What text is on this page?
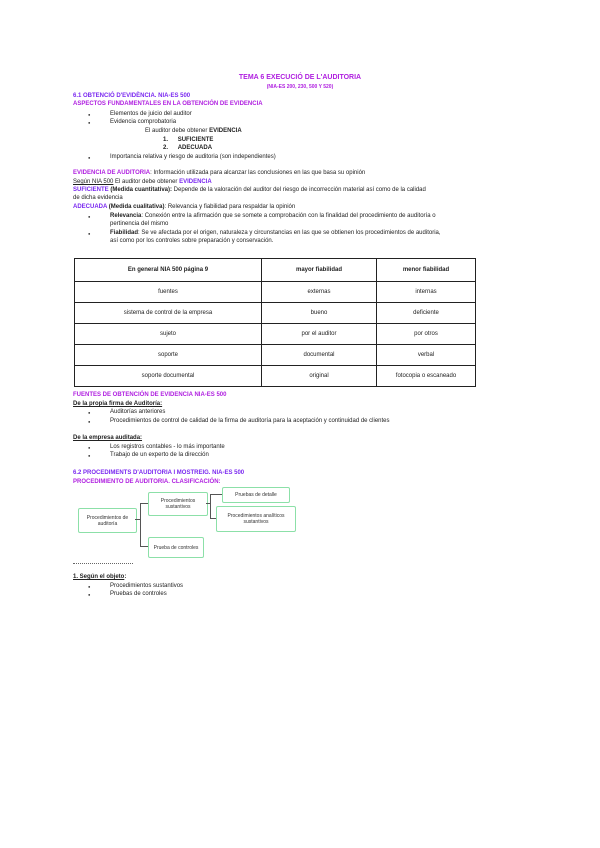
TEMA 6 EXECUCIÓ DE L'AUDITORIA
(NIA-ES 200, 230, 500 Y 520)
6.1 OBTENCIÓ D'EVIDÈNCIA. NIA-ES 500
ASPECTOS FUNDAMENTALES EN LA OBTENCIÓN DE EVIDENCIA
● Elementos de juicio del auditor
● Evidencia comprobatoria
El auditor debe obtener EVIDENCIA
1. SUFICIENTE
2. ADECUADA
● Importancia relativa y riesgo de auditoria (son independientes)
EVIDENCIA DE AUDITORIA: Información utilizada para alcanzar las conclusiones en las que basa su opinión
Según NIA 500 El auditor debe obtener EVIDENCIA
SUFICIENTE (Medida cuantitativa): Depende de la valoración del auditor del riesgo de incorrección material así como de la calidad
de dicha evidencia
ADECUADA (Medida cualitativa): Relevancia y fiabilidad para respaldar la opinión
● Relevancia: Conexión entre la afirmación que se somete a comprobación con la finalidad del procedimiento de auditoría o
pertinencia del mismo
● Fiabilidad: Se ve afectada por el origen, naturaleza y circunstancias en las que se obtienen los procedimientos de auditoria,
así como por los controles sobre preparación y conservación.
En general NIA 500 página 9	mayor fiabilidad	menor fiabilidad
fuentes	externas	internas
sistema de control de la empresa	bueno	deficiente
sujeto	por el auditor	por otros
soporte	documental	verbal
soporte documental	original	fotocopia o escaneado
FUENTES DE OBTENCIÓN DE EVIDENCIA NIA-ES 500
De la propia firma de Auditoría:
● Auditorías anteriores
● Procedimientos de control de calidad de la firma de auditoría para la aceptación y continuidad de clientes
De la empresa auditada:
● Los registros contables - lo más importante
● Trabajo de un experto de la dirección
6.2 PROCEDIMENTS D'AUDITORIA I MOSTREIG. NIA-ES 500
PROCEDIMIENTO DE AUDITORIA. CLASIFICACIÓN:
Procedimientos de auditoría
Procedimientos sustantivos
Prueba de controles
Pruebas de detalle
Procedimientos analíticos sustantivos
1. Según el objeto:
● Procedimientos sustantivos
● Pruebas de controles
